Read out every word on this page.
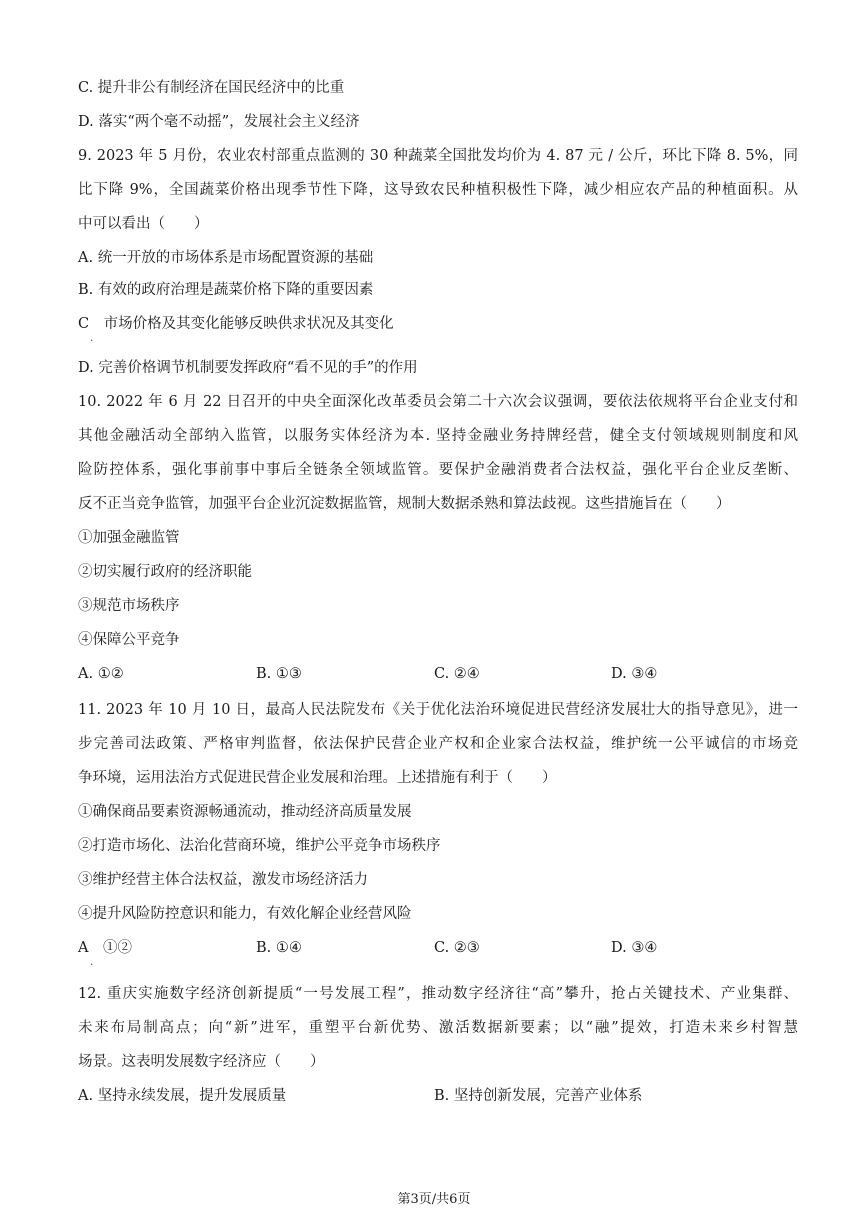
C. 提升非公有制经济在国民经济中的比重
D. 落实“两个毫不动摇”，发展社会主义经济
9. 2023 年 5 月份，农业农村部重点监测的 30 种蔬菜全国批发均价为 4. 87 元 / 公斤，环比下降 8. 5%，同
比下降 9%，全国蔬菜价格出现季节性下降，这导致农民种植积极性下降，减少相应农产品的种植面积。从
中可以看出（　　）
A. 统一开放的市场体系是市场配置资源的基础
B. 有效的政府治理是蔬菜价格下降的重要因素
C　市场价格及其变化能够反映供求状况及其变化
.
D. 完善价格调节机制要发挥政府“看不见的手”的作用
10. 2022 年 6 月 22 日召开的中央全面深化改革委员会第二十六次会议强调，要依法依规将平台企业支付和
其他金融活动全部纳入监管，以服务实体经济为本. 坚持金融业务持牌经营，健全支付领域规则制度和风
险防控体系，强化事前事中事后全链条全领域监管。要保护金融消费者合法权益，强化平台企业反垄断、
反不正当竞争监管，加强平台企业沉淀数据监管，规制大数据杀熟和算法歧视。这些措施旨在（　　）
①加强金融监管
②切实履行政府的经济职能
③规范市场秩序
④保障公平竞争
A. ①②	B. ①③	C. ②④	D. ③④
11. 2023 年 10 月 10 日，最高人民法院发布《关于优化法治环境促进民营经济发展壮大的指导意见》，进一
步完善司法政策、严格审判监督，依法保护民营企业产权和企业家合法权益，维护统一公平诚信的市场竞
争环境，运用法治方式促进民营企业发展和治理。上述措施有利于（　　）
①确保商品要素资源畅通流动，推动经济高质量发展
②打造市场化、法治化营商环境，维护公平竞争市场秩序
③维护经营主体合法权益，激发市场经济活力
④提升风险防控意识和能力，有效化解企业经营风险
A　①②
.
B. ①④	C. ②③	D. ③④
12. 重庆实施数字经济创新提质“一号发展工程”，推动数字经济往“高”攀升，抢占关键技术、产业集群、
未来布局制高点；向“新”进军，重塑平台新优势、激活数据新要素；以“融”提效，打造未来乡村智慧
场景。这表明发展数字经济应（　　）
A. 坚持永续发展，提升发展质量	B. 坚持创新发展，完善产业体系
第3页/共6页
